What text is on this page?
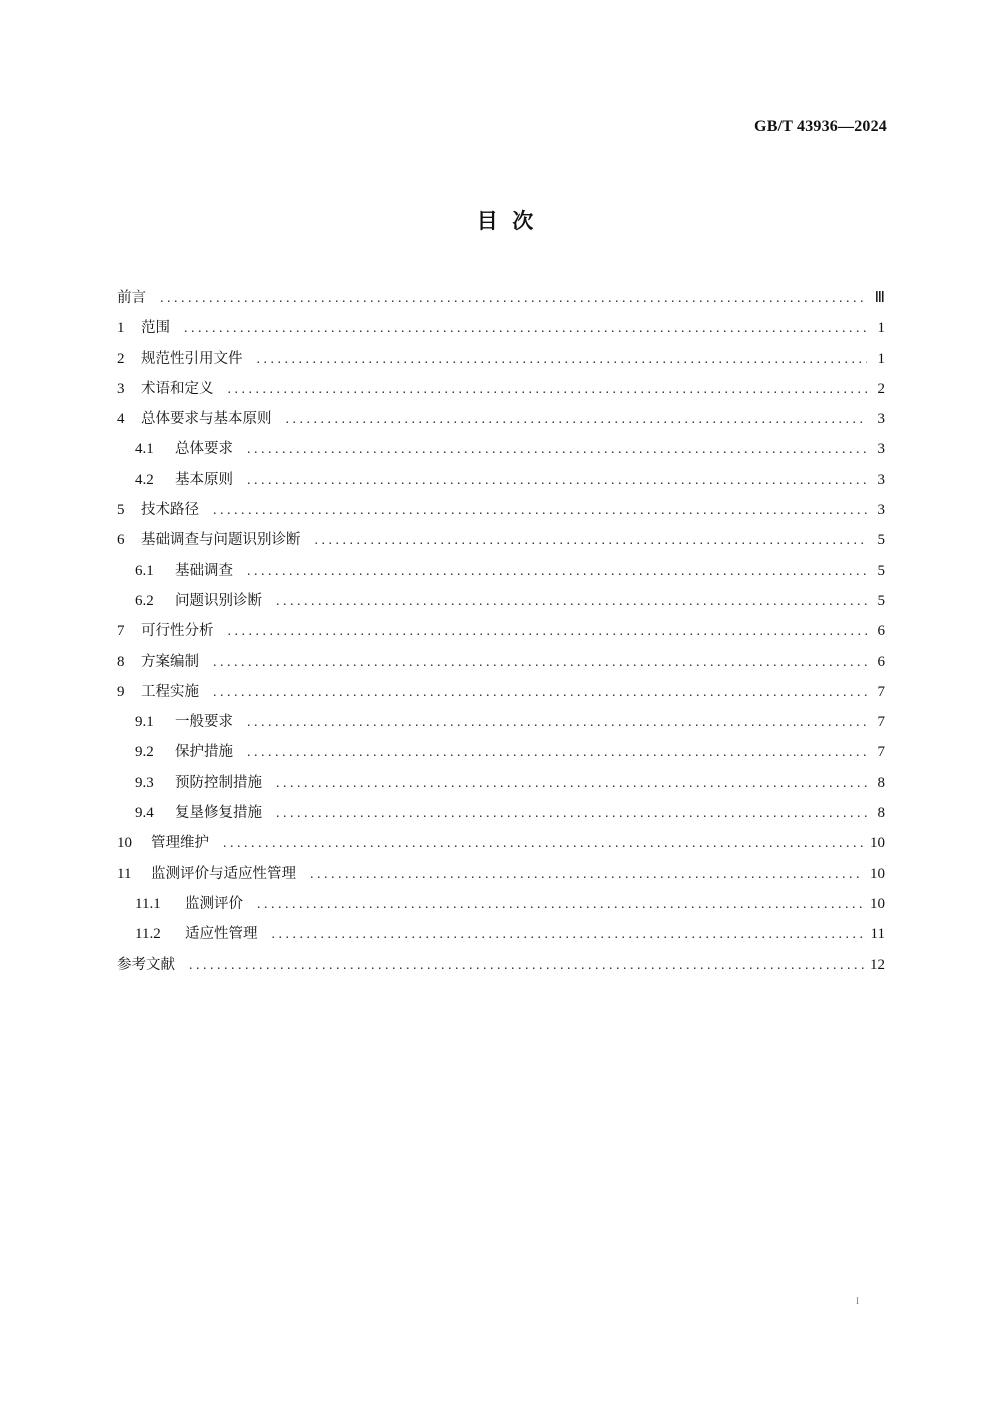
GB/T 43936—2024
目  次
前言 . . .	Ⅲ
1	范围 . . .	1
2	规范性引用文件 . . .	1
3	术语和定义 . . .	2
4	总体要求与基本原则 . . .	3
4.1	总体要求 . . .	3
4.2	基本原则 . . .	3
5	技术路径 . . .	3
6	基础调查与问题识别诊断 . . .	5
6.1	基础调查 . . .	5
6.2	问题识别诊断 . . .	5
7	可行性分析 . . .	6
8	方案编制 . . .	6
9	工程实施 . . .	7
9.1	一般要求 . . .	7
9.2	保护措施 . . .	7
9.3	预防控制措施 . . .	8
9.4	复垦修复措施 . . .	8
10	管理维护 . . .	10
11	监测评价与适应性管理 . . .	10
11.1	监测评价 . . .	10
11.2	适应性管理 . . .	11
参考文献 . . .	12
I
